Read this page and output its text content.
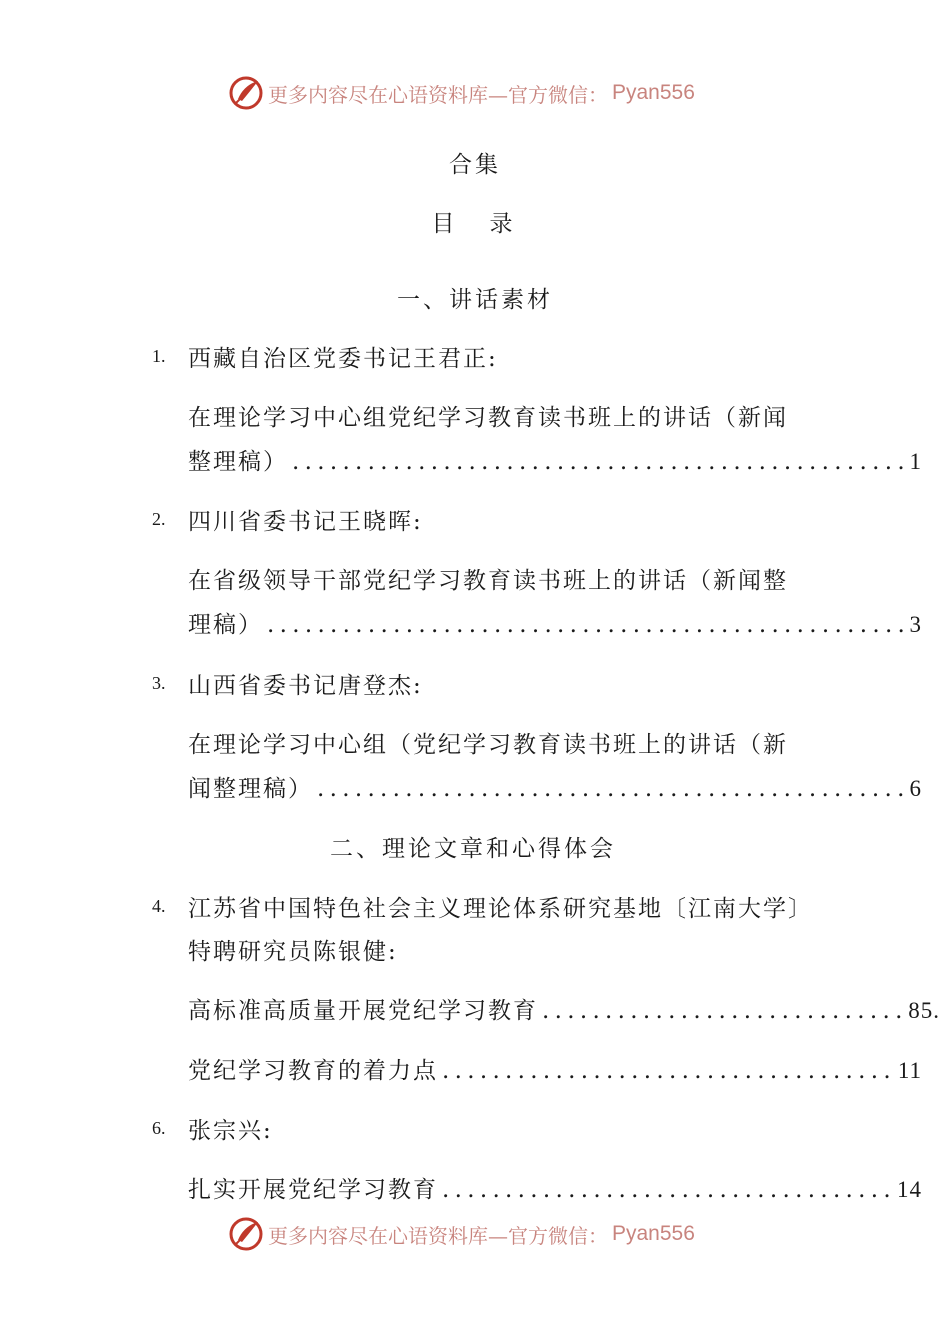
更多内容尽在心语资料库—官方微信： Pyan556
合集
目　录
一、讲话素材
1. 西藏自治区党委书记王君正:
在理论学习中心组党纪学习教育读书班上的讲话（新闻
整理稿） .....	1
2. 四川省委书记王晓晖:
在省级领导干部党纪学习教育读书班上的讲话（新闻整
理稿） .....	3
3. 山西省委书记唐登杰:
在理论学习中心组（党纪学习教育读书班上的讲话（新
闻整理稿） .....	6
二、理论文章和心得体会
4. 江苏省中国特色社会主义理论体系研究基地〔江南大学〕
特聘研究员陈银健:
高标准高质量开展党纪学习教育 .....	85.
党纪学习教育的着力点 .....	11
6. 张宗兴:
扎实开展党纪学习教育 .....	14
更多内容尽在心语资料库—官方微信： Pyan556
